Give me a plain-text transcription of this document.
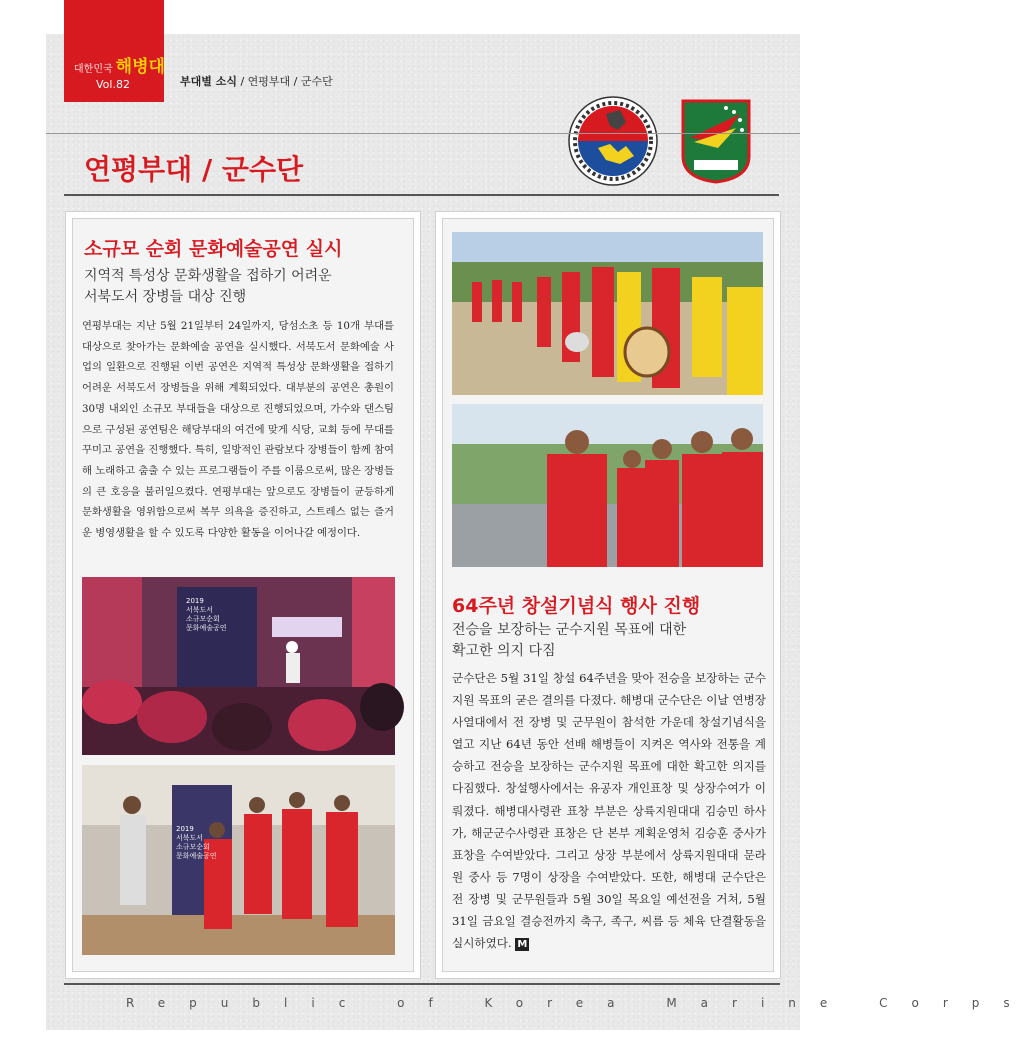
대한민국 해병대
Vol.82	부대별 소식 / 연평부대 / 군수단
연평부대 / 군수단
소규모 순회 문화예술공연 실시
지역적 특성상 문화생활을 접하기 어려운
서북도서 장병들 대상 진행
연평부대는 지난 5월 21일부터 24일까지, 당섬소초 등 10개 부대를 대상으로 찾아가는 문화예술 공연을 실시했다. 서북도서 문화예술 사업의 일환으로 진행된 이번 공연은 지역적 특성상 문화생활을 접하기 어려운 서북도서 장병들을 위해 계획되었다. 대부분의 공연은 총원이 30명 내외인 소규모 부대들을 대상으로 진행되었으며, 가수와 댄스팀으로 구성된 공연팀은 해당부대의 여건에 맞게 식당, 교회 등에 무대를 꾸미고 공연을 진행했다. 특히, 일방적인 관람보다 장병들이 함께 참여해 노래하고 춤출 수 있는 프로그램들이 주를 이룸으로써, 많은 장병들의 큰 호응을 불러일으켰다. 연평부대는 앞으로도 장병들이 균등하게 문화생활을 영위함으로써 복무 의욕을 증진하고, 스트레스 없는 즐거운 병영생활을 할 수 있도록 다양한 활동을 이어나갈 예정이다.
2019
서북도서
소규모순회
문화예술공연
2019
서북도서
소규모순회
문화예술공연
64주년 창설기념식 행사 진행
전승을 보장하는 군수지원 목표에 대한
확고한 의지 다짐
군수단은 5월 31일 창설 64주년을 맞아 전승을 보장하는 군수지원 목표의 굳은 결의를 다졌다. 해병대 군수단은 이날 연병장 사열대에서 전 장병 및 군무원이 참석한 가운데 창설기념식을 열고 지난 64년 동안 선배 해병들이 지켜온 역사와 전통을 계승하고 전승을 보장하는 군수지원 목표에 대한 확고한 의지를 다짐했다. 창설행사에서는 유공자 개인표창 및 상장수여가 이뤄졌다. 해병대사령관 표창 부분은 상륙지원대대 김승민 하사가, 해군군수사령관 표창은 단 본부 계획운영처 김승훈 중사가 표창을 수여받았다. 그리고 상장 부분에서 상륙지원대대 문라원 중사 등 7명이 상장을 수여받았다. 또한, 해병대 군수단은 전 장병 및 군무원들과 5월 30일 목요일 예선전을 거쳐, 5월 31일 금요일 결승전까지 축구, 족구, 씨름 등 체육 단결활동을 실시하였다. M
Republic of Korea Marine Corps
